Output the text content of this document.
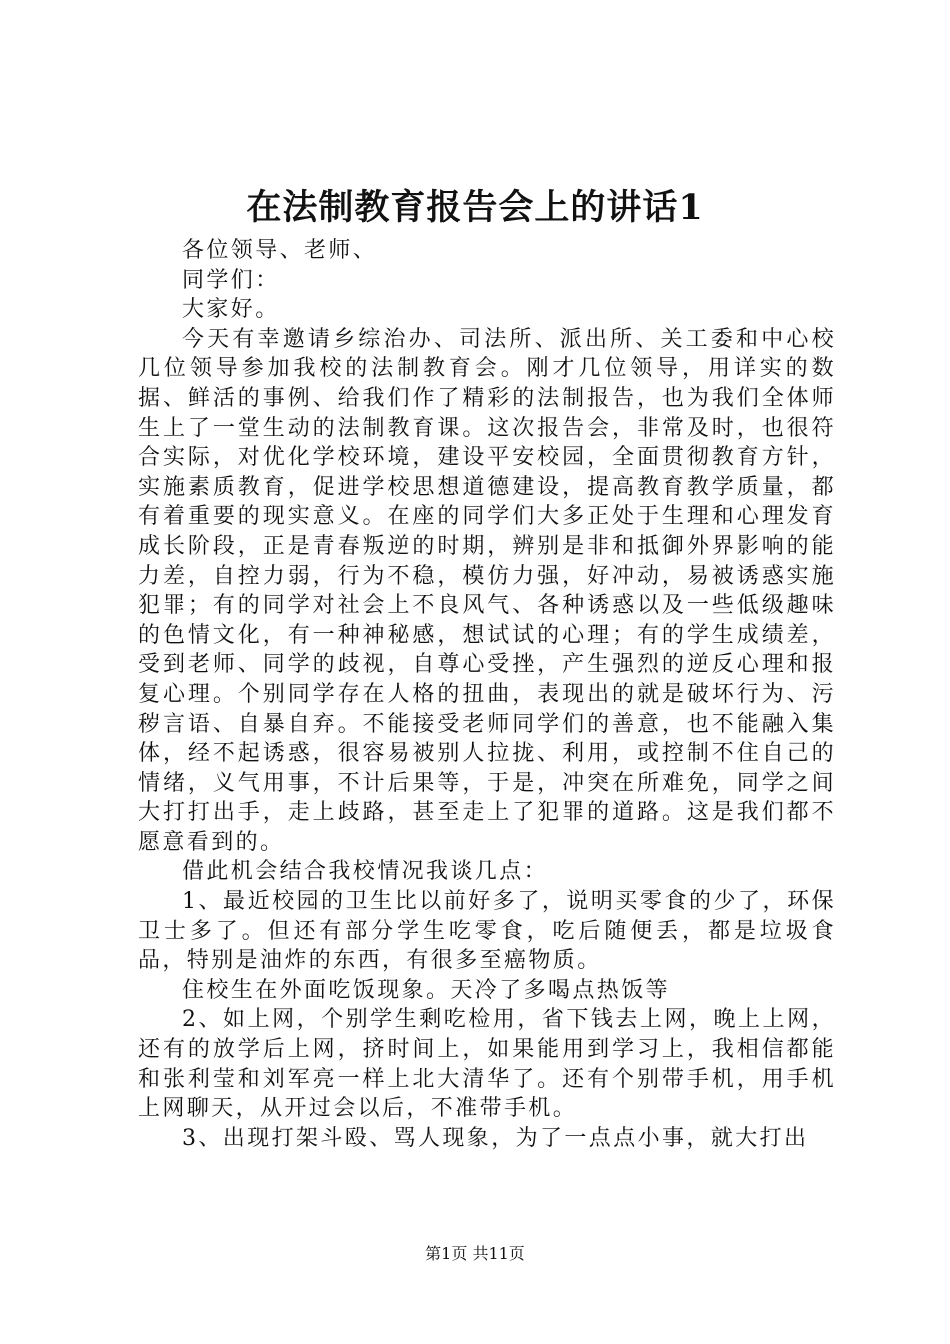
在法制教育报告会上的讲话1

各位领导、老师、

同学们：

大家好。

今天有幸邀请乡综治办、司法所、派出所、关工委和中心校几位领导参加我校的法制教育会。刚才几位领导，用详实的数据、鲜活的事例、给我们作了精彩的法制报告，也为我们全体师生上了一堂生动的法制教育课。这次报告会，非常及时，也很符合实际，对优化学校环境，建设平安校园，全面贯彻教育方针，实施素质教育，促进学校思想道德建设，提高教育教学质量，都有着重要的现实意义。在座的同学们大多正处于生理和心理发育成长阶段，正是青春叛逆的时期，辨别是非和抵御外界影响的能力差，自控力弱，行为不稳，模仿力强，好冲动，易被诱惑实施犯罪；有的同学对社会上不良风气、各种诱惑以及一些低级趣味的色情文化，有一种神秘感，想试试的心理；有的学生成绩差，受到老师、同学的歧视，自尊心受挫，产生强烈的逆反心理和报复心理。个别同学存在人格的扭曲，表现出的就是破坏行为、污秽言语、自暴自弃。不能接受老师同学们的善意，也不能融入集体，经不起诱惑，很容易被别人拉拢、利用，或控制不住自己的情绪，义气用事，不计后果等，于是，冲突在所难免，同学之间大打打出手，走上歧路，甚至走上了犯罪的道路。这是我们都不愿意看到的。

借此机会结合我校情况我谈几点：

1、最近校园的卫生比以前好多了，说明买零食的少了，环保卫士多了。但还有部分学生吃零食，吃后随便丢，都是垃圾食品，特别是油炸的东西，有很多至癌物质。

住校生在外面吃饭现象。天冷了多喝点热饭等

2、如上网，个别学生剩吃检用，省下钱去上网，晚上上网，还有的放学后上网，挤时间上，如果能用到学习上，我相信都能和张利莹和刘军亮一样上北大清华了。还有个别带手机，用手机上网聊天，从开过会以后，不准带手机。

3、出现打架斗殴、骂人现象，为了一点点小事，就大打出

第1页 共11页
